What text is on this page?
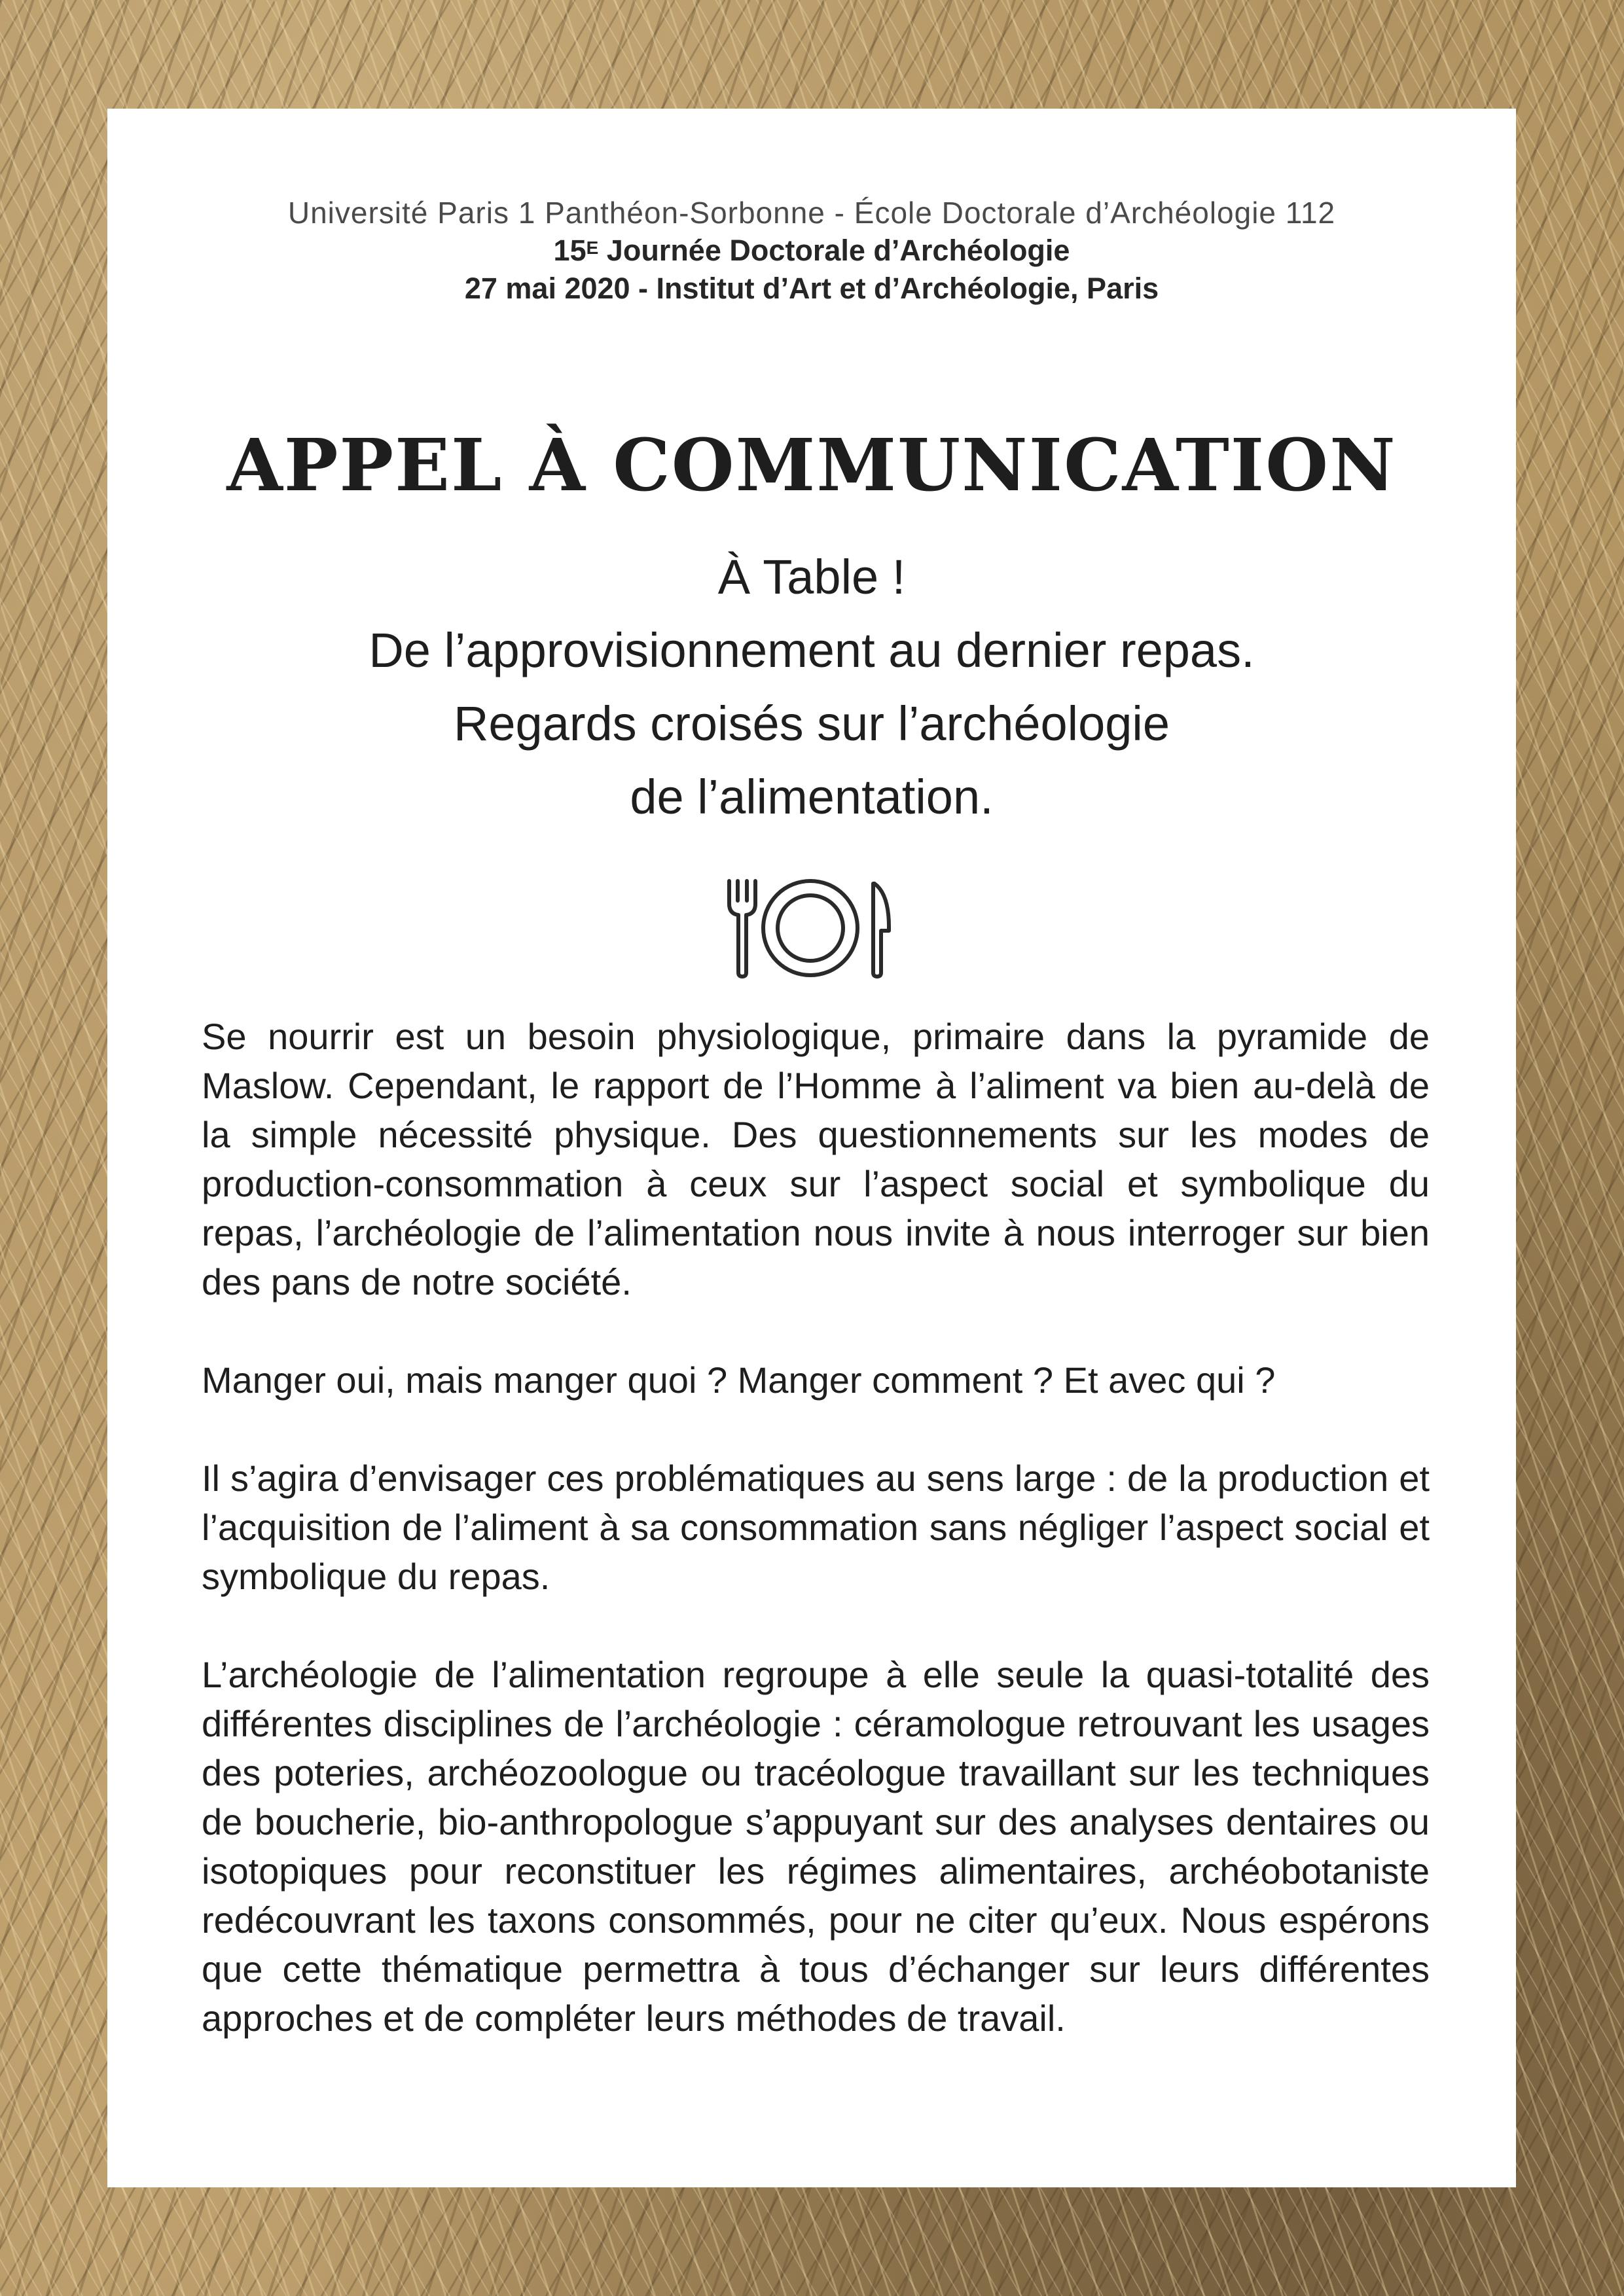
Université Paris 1 Panthéon-Sorbonne - École Doctorale d’Archéologie 112
$15^E$ Journée Doctorale d’Archéologie
27 mai 2020 - Institut d’Art et d’Archéologie, Paris
APPEL À COMMUNICATION
À Table !
De l’approvisionnement au dernier repas.
Regards croisés sur l’archéologie
de l’alimentation.

Se nourrir est un besoin physiologique, primaire dans la pyramide de Maslow. Cependant, le rapport de l’Homme à l’aliment va bien au-delà de la simple nécessité physique. Des questionnements sur les modes de production-consommation à ceux sur l’aspect social et symbolique du repas, l’archéologie de l’alimentation nous invite à nous interroger sur bien des pans de notre société.

Manger oui, mais manger quoi ? Manger comment ? Et avec qui ?

Il s’agira d’envisager ces problématiques au sens large : de la production et l’acquisition de l’aliment à sa consommation sans négliger l’aspect social et symbolique du repas.

L’archéologie de l’alimentation regroupe à elle seule la quasi-totalité des différentes disciplines de l’archéologie : céramologue retrouvant les usages des poteries, archéozoologue ou tracéologue travaillant sur les techniques de boucherie, bio-anthropologue s’appuyant sur des analyses dentaires ou isotopiques pour reconstituer les régimes alimentaires, archéobotaniste redécouvrant les taxons consommés, pour ne citer qu’eux. Nous espérons que cette thématique permettra à tous d’échanger sur leurs différentes approches et de compléter leurs méthodes de travail.
